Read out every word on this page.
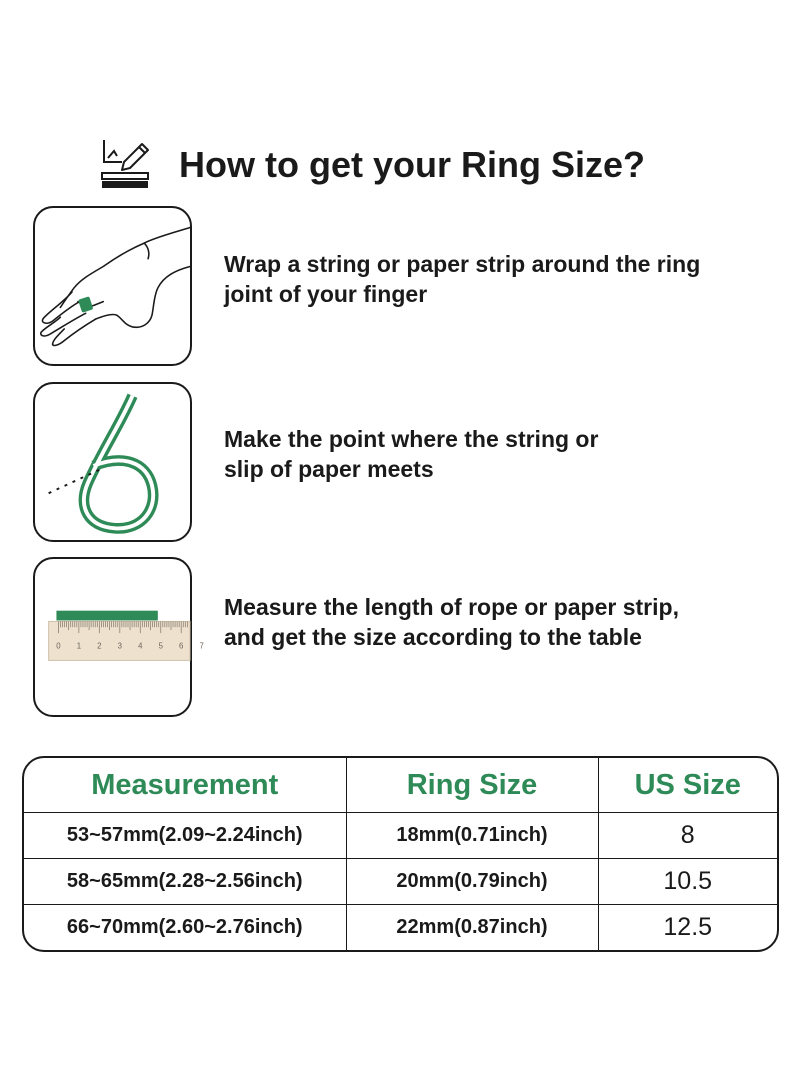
How to get your Ring Size?
Wrap a string or paper strip around the ring
joint of your finger
Make the point where the string or
slip of paper meets
0 1 2 3 4 5 6 7
Measure the length of rope or paper strip,
and get the size according to the table
Measurement	Ring Size	US Size
53~57mm(2.09~2.24inch)	18mm(0.71inch)	8
58~65mm(2.28~2.56inch)	20mm(0.79inch)	10.5
66~70mm(2.60~2.76inch)	22mm(0.87inch)	12.5
